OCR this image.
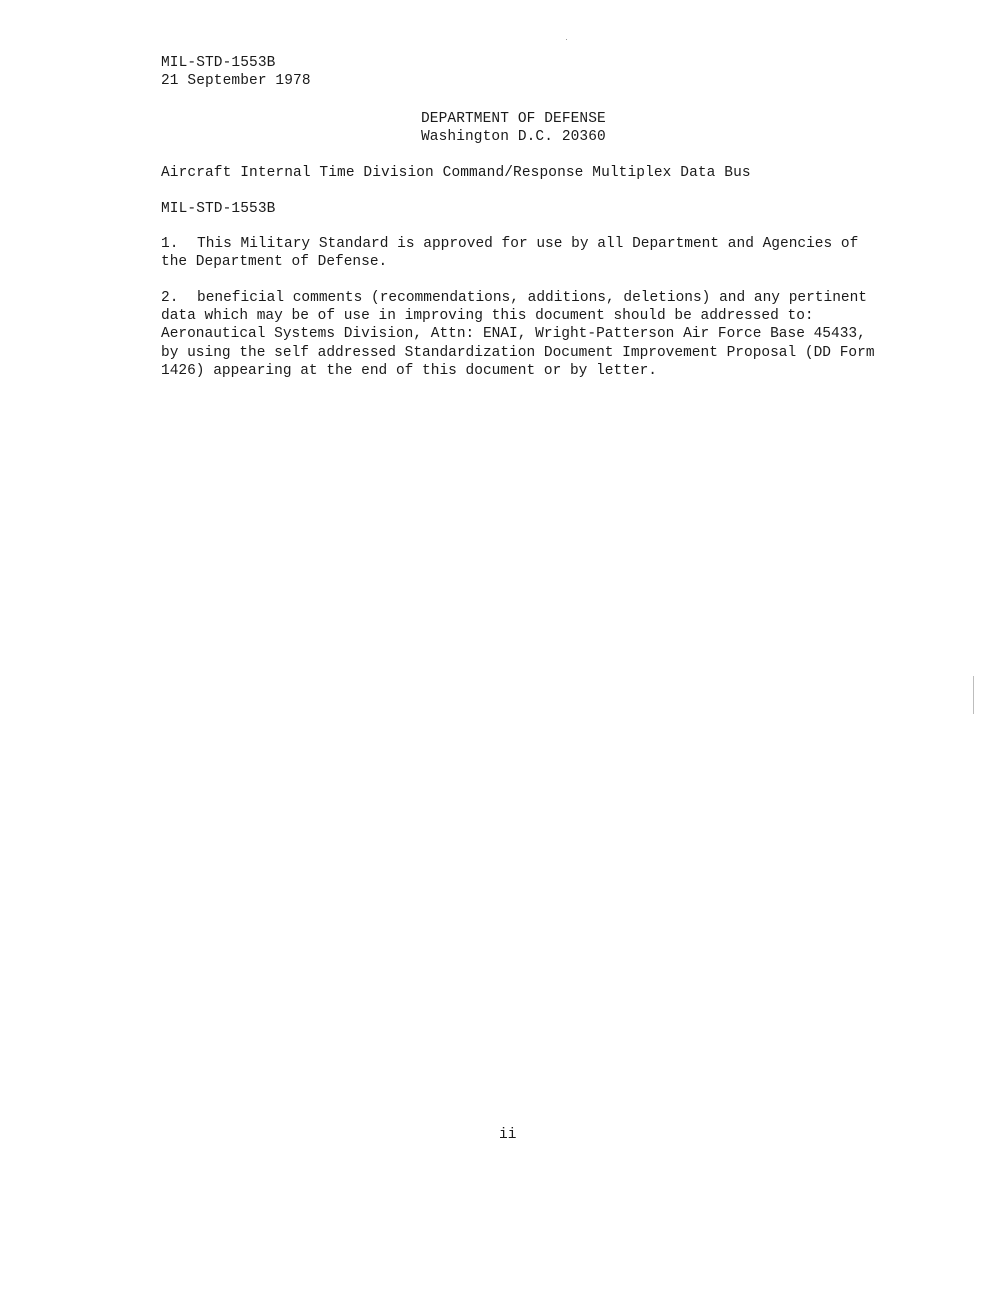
MIL-STD-1553B
21 September 1978
DEPARTMENT OF DEFENSE
Washington D.C. 20360
Aircraft Internal Time Division Command/Response Multiplex Data Bus
MIL-STD-1553B
1. This Military Standard is approved for use by all Department and Agencies of the Department of Defense.
2. beneficial comments (recommendations, additions, deletions) and any pertinent data which may be of use in improving this document should be addressed to: Aeronautical Systems Division, Attn: ENAI, Wright-Patterson Air Force Base 45433, by using the self addressed Standardization Document Improvement Proposal (DD Form 1426) appearing at the end of this document or by letter.
ii
